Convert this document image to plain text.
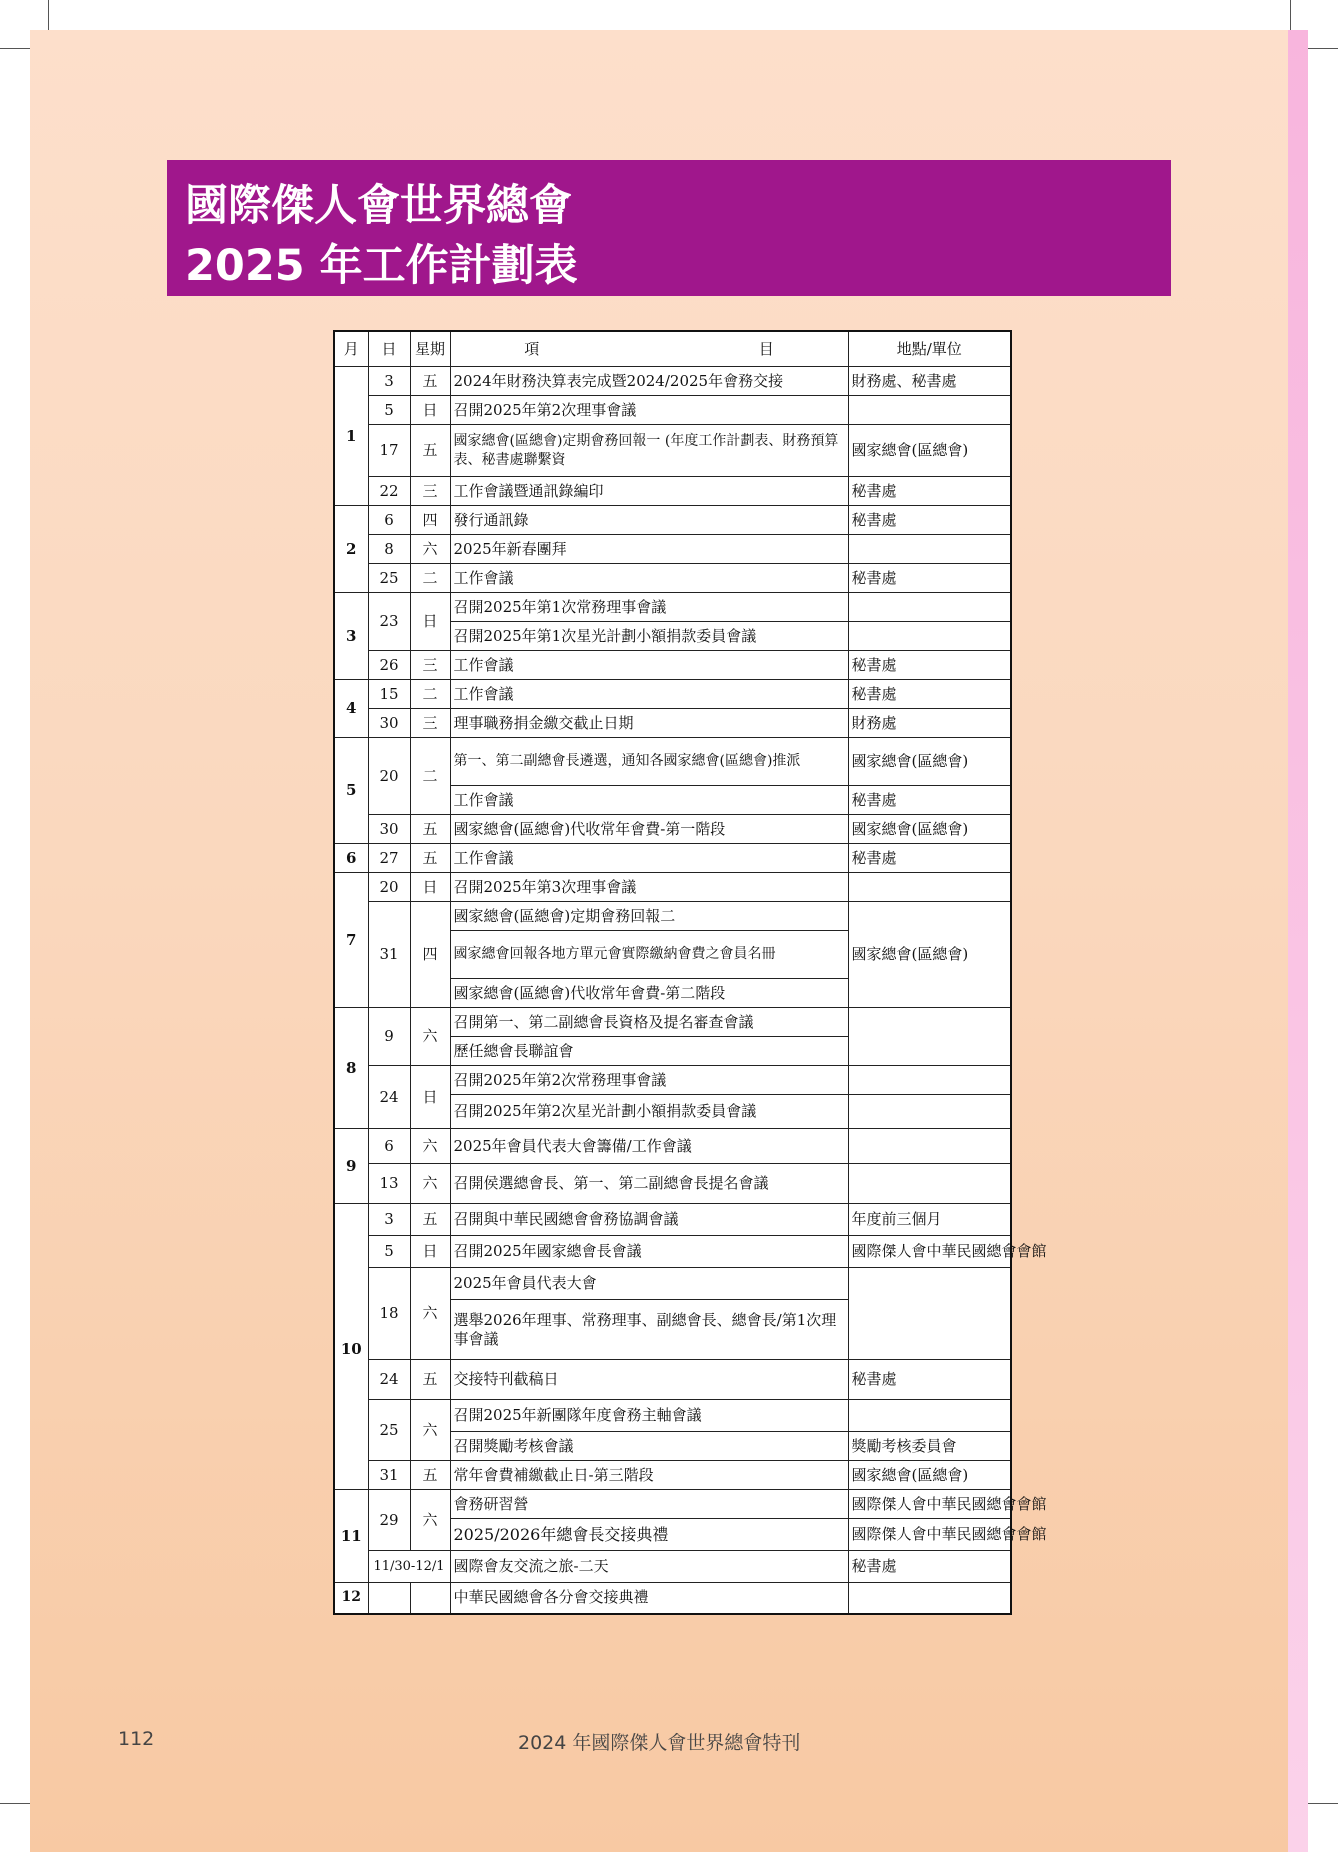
國際傑人會世界總會
2025 年工作計劃表
月	日	星期	項 目	地點/單位
1	3	五	2024年財務決算表完成暨2024/2025年會務交接	財務處、秘書處
	5	日	召開2025年第2次理事會議	
	17	五	國家總會(區總會)定期會務回報一 (年度工作計劃表、財務預算表、秘書處聯繫資	國家總會(區總會)
	22	三	工作會議暨通訊錄編印	秘書處
2	6	四	發行通訊錄	秘書處
	8	六	2025年新春團拜	
	25	二	工作會議	秘書處
3	23	日	召開2025年第1次常務理事會議	
			召開2025年第1次星光計劃小額捐款委員會議	
	26	三	工作會議	秘書處
4	15	二	工作會議	秘書處
	30	三	理事職務捐金繳交截止日期	財務處
5	20	二	第一、第二副總會長遴選，通知各國家總會(區總會)推派	國家總會(區總會)
			工作會議	秘書處
	30	五	國家總會(區總會)代收常年會費-第一階段	國家總會(區總會)
6	27	五	工作會議	秘書處
7	20	日	召開2025年第3次理事會議	
	31	四	國家總會(區總會)定期會務回報二	國家總會(區總會)
			國家總會回報各地方單元會實際繳納會費之會員名冊	
			國家總會(區總會)代收常年會費-第二階段	
8	9	六	召開第一、第二副總會長資格及提名審查會議	
			歷任總會長聯誼會	
	24	日	召開2025年第2次常務理事會議	
			召開2025年第2次星光計劃小額捐款委員會議	
9	6	六	2025年會員代表大會籌備/工作會議	
	13	六	召開侯選總會長、第一、第二副總會長提名會議	
10	3	五	召開與中華民國總會會務協調會議	年度前三個月
	5	日	召開2025年國家總會長會議	國際傑人會中華民國總會會館
	18	六	2025年會員代表大會	
			選舉2026年理事、常務理事、副總會長、總會長/第1次理事會議	
	24	五	交接特刊截稿日	秘書處
	25	六	召開2025年新團隊年度會務主軸會議	
			召開獎勵考核會議	獎勵考核委員會
	31	五	常年會費補繳截止日-第三階段	國家總會(區總會)
11	29	六	會務研習營	國際傑人會中華民國總會會館
			2025/2026年總會長交接典禮	國際傑人會中華民國總會會館
	11/30-12/1		國際會友交流之旅-二天	秘書處
12			中華民國總會各分會交接典禮	
112	2024 年國際傑人會世界總會特刊
